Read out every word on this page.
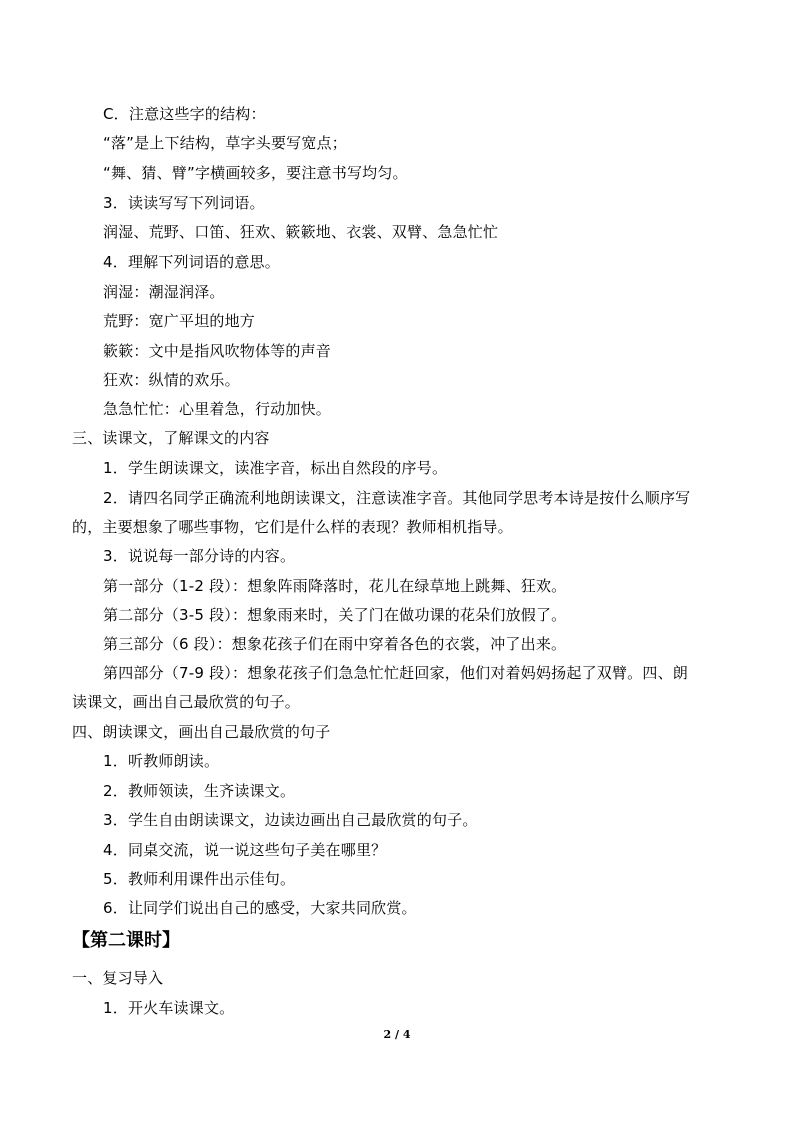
C．注意这些字的结构：
“落”是上下结构，草字头要写宽点；
“舞、猜、臂”字横画较多，要注意书写均匀。
3．读读写写下列词语。
润湿、荒野、口笛、狂欢、簌簌地、衣裳、双臂、急急忙忙
4．理解下列词语的意思。
润湿：潮湿润泽。
荒野：宽广平坦的地方
簌簌：文中是指风吹物体等的声音
狂欢：纵情的欢乐。
急急忙忙：心里着急，行动加快。
三、读课文，了解课文的内容
1．学生朗读课文，读准字音，标出自然段的序号。
2．请四名同学正确流利地朗读课文，注意读准字音。其他同学思考本诗是按什么顺序写
的，主要想象了哪些事物，它们是什么样的表现？教师相机指导。
3．说说每一部分诗的内容。
第一部分（1-2 段）：想象阵雨降落时，花儿在绿草地上跳舞、狂欢。
第二部分（3-5 段）：想象雨来时，关了门在做功课的花朵们放假了。
第三部分（6 段）：想象花孩子们在雨中穿着各色的衣裳，冲了出来。
第四部分（7-9 段）：想象花孩子们急急忙忙赶回家，他们对着妈妈扬起了双臂。四、朗
读课文，画出自己最欣赏的句子。
四、朗读课文，画出自己最欣赏的句子
1．听教师朗读。
2．教师领读，生齐读课文。
3．学生自由朗读课文，边读边画出自己最欣赏的句子。
4．同桌交流，说一说这些句子美在哪里？
5．教师利用课件出示佳句。
6．让同学们说出自己的感受，大家共同欣赏。
【第二课时】
一、复习导入
1．开火车读课文。
2 / 4
